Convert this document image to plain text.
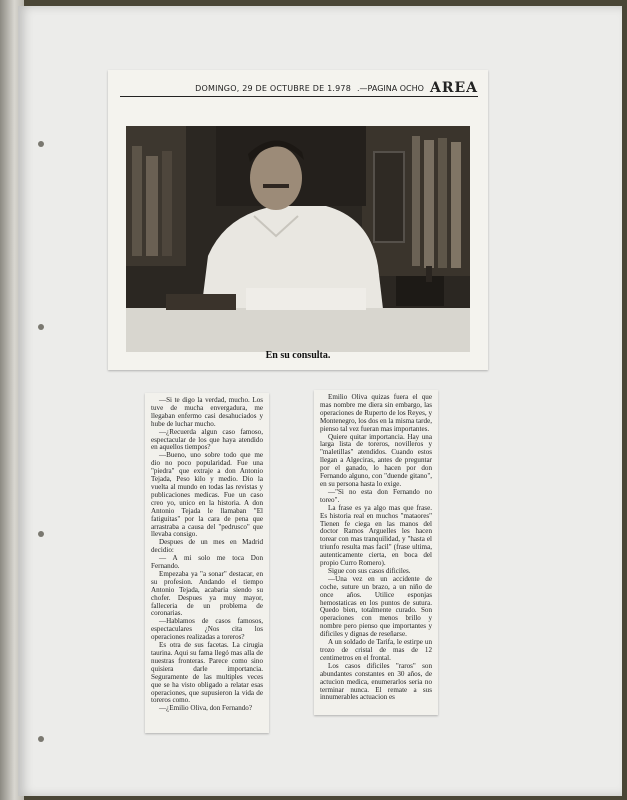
DOMINGO, 29 DE OCTUBRE DE 1.978 .—PAGINA OCHO AREA
En su consulta.

—Si te digo la verdad, mucho. Los tuve de mucha envergadura, me llegaban enfermo casi desahuciados y hube de luchar mucho.

—¿Recuerda algun caso famoso, espectacular de los que haya atendido en aquellos tiempos?

—Bueno, uno sobre todo que me dio no poco popularidad. Fue una "piedra" que extraje a don Antonio Tejada, Peso kilo y medio. Dio la vuelta al mundo en todas las revistas y publicaciones medicas. Fue un caso creo yo, unico en la historia. A don Antonio Tejada le llamaban "El fatiguitas" por la cara de pena que arrastraba a causa del "pedrusco" que llevaba consigo.

Despues de un mes en Madrid decidio:

— A mi solo me toca Don Fernando.

Empezaba ya "a sonar" destacar, en su profesion. Andando el tiempo Antonio Tejada, acabaria siendo su chofer. Despues ya muy mayor, falleceria de un problema de coronarias.

—Hablamos de casos famosos, espectaculares ¿Nos cita los operaciones realizadas a toreros?

Es otra de sus facetas. La cirugia taurina. Aqui su fama llegó mas alla de nuestras fronteras. Parece como sino quisiera darle importancia. Seguramente de las multiples veces que se ha visto obligado a relatar esas operaciones, que supusieron la vida de toreros como.

—¿Emilio Oliva, don Fernando?

Emilio Oliva quizas fuera el que mas nombre me diera sin embargo, las operaciones de Ruperto de los Reyes, y Montenegro, los dos en la misma tarde, pienso tal vez fueran mas importantes.

Quiere quitar importancia. Hay una larga lista de toreros, novilleros y "maletillas" atendidos. Cuando estos llegan a Algeciras, antes de preguntar por el ganado, lo hacen por don Fernando alguno, con "duende gitano", en su persona hasta lo exige.

—"Si no esta don Fernando no toreo".

La frase es ya algo mas que frase. Es historia real en muchos "mataores" Tienen fe ciega en las manos del doctor Ramos Arguelles les hacen torear con mas tranquilidad, y "hasta el triunfo resulta mas facil" (frase ultima, autenticamente cierta, en boca del propio Curro Romero).

Sigue con sus casos dificiles.

—Una vez en un accidente de coche, suture un brazo, a un niño de once años. Utilice esponjas hemostaticas en los puntos de sutura. Quedo bien, totalmente curado. Son operaciones con menos brillo y nombre pero pienso que importantes y dificiles y dignas de reseñarse.

A un soldado de Tarifa, le estirpe un trozo de cristal de mas de 12 centimetros en el frontal.

Los casos dificiles "raros" son abundantes constantes en 30 años, de actucion medica, enumerarlos seria no terminar nunca. El remate a sus innumerables actuacion es
